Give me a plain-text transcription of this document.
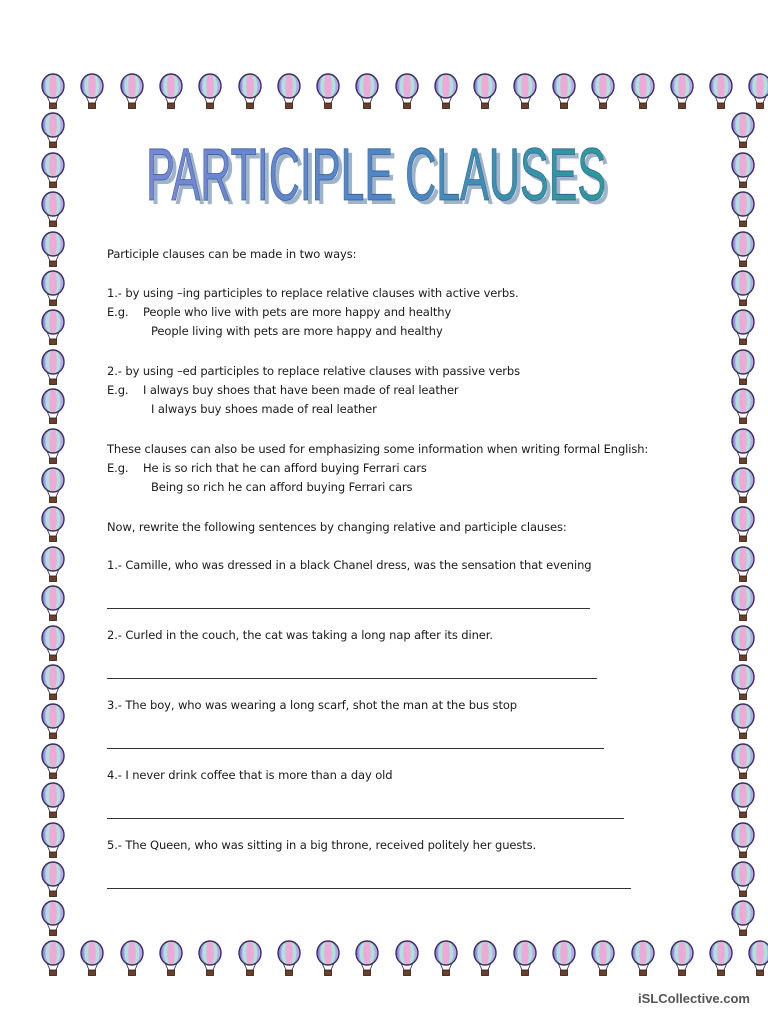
PARTICIPLE CLAUSES
PARTICIPLE CLAUSES
Participle clauses can be made in two ways:
1.- by using –ing participles to replace relative clauses with active verbs.
E.g. People who live with pets are more happy and healthy
People living with pets are more happy and healthy
2.- by using –ed participles to replace relative clauses with passive verbs
E.g. I always buy shoes that have been made of real leather
I always buy shoes made of real leather
These clauses can also be used for emphasizing some information when writing formal English:
E.g. He is so rich that he can afford buying Ferrari cars
Being so rich he can afford buying Ferrari cars
Now, rewrite the following sentences by changing relative and participle clauses:
1.- Camille, who was dressed in a black Chanel dress, was the sensation that evening
2.- Curled in the couch, the cat was taking a long nap after its diner.
3.- The boy, who was wearing a long scarf, shot the man at the bus stop
4.- I never drink coffee that is more than a day old
5.- The Queen, who was sitting in a big throne, received politely her guests.
iSLCollective.com
